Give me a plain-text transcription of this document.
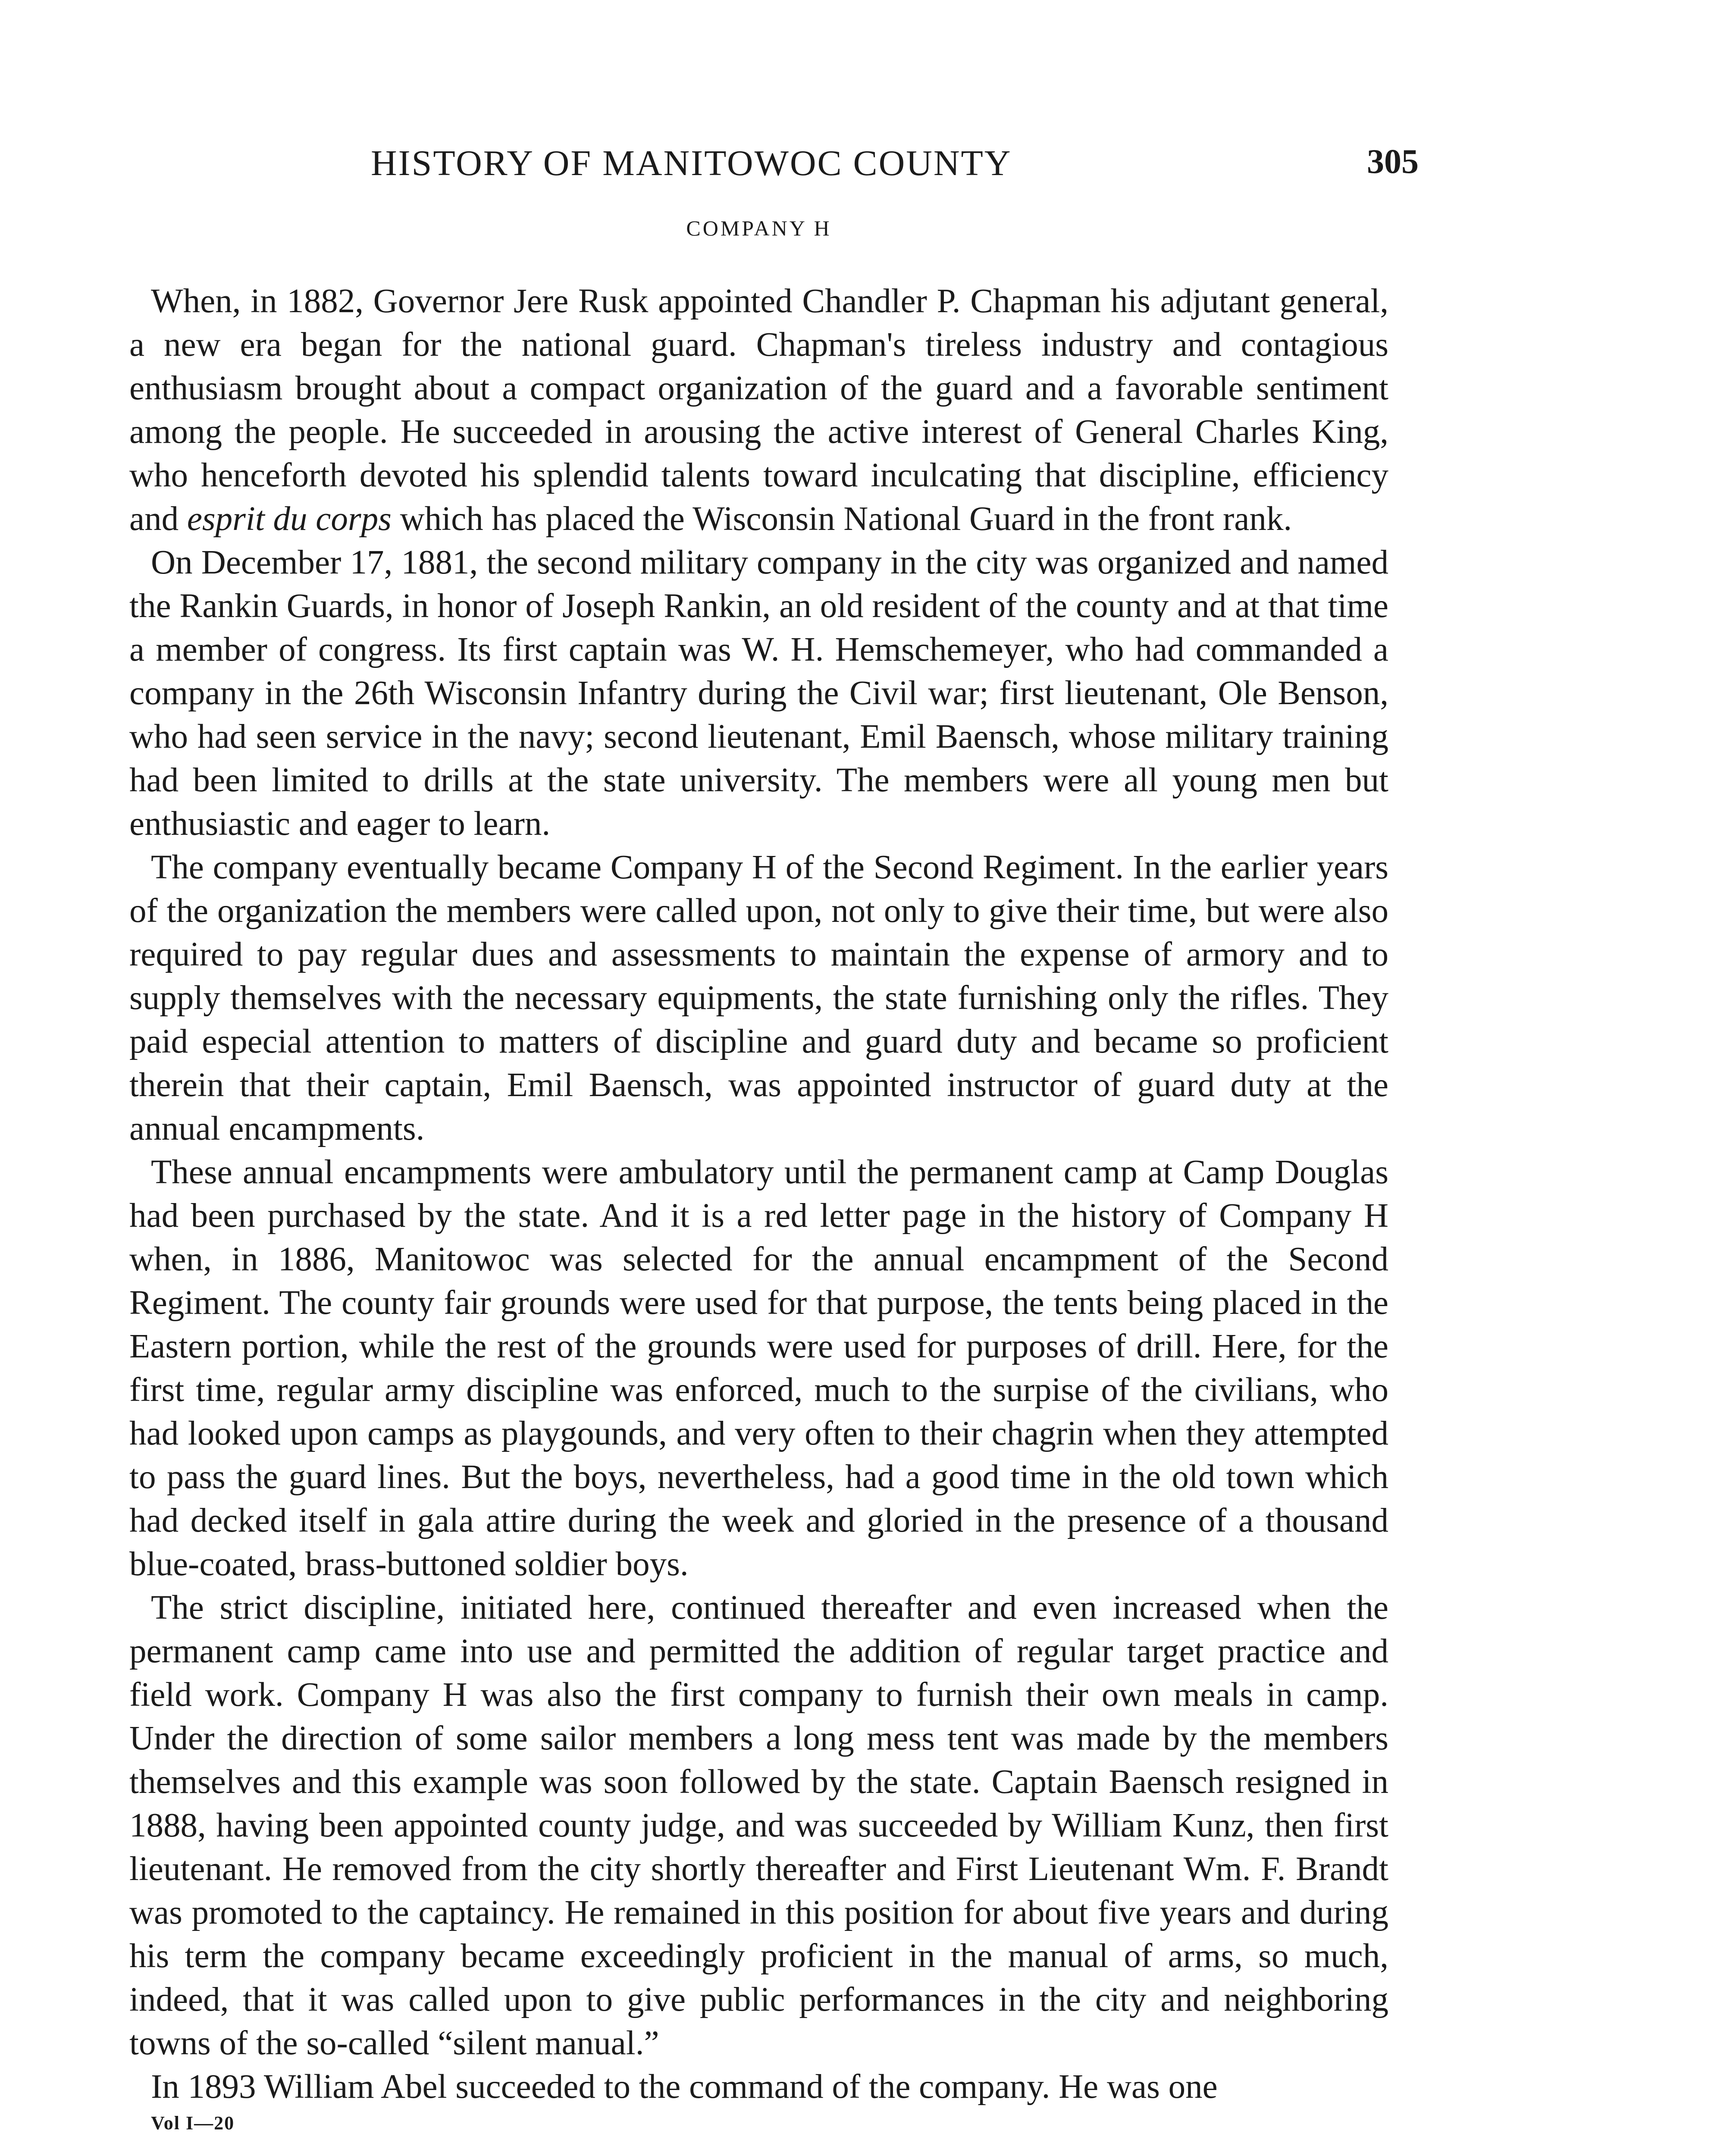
HISTORY OF MANITOWOC COUNTY	305
COMPANY H

When, in 1882, Governor Jere Rusk appointed Chandler P. Chapman his adjutant general, a new era began for the national guard. Chapman's tireless industry and contagious enthusiasm brought about a compact organization of the guard and a favorable sentiment among the people. He succeeded in arousing the active interest of General Charles King, who henceforth devoted his splendid talents toward inculcating that discipline, efficiency and esprit du corps which has placed the Wisconsin National Guard in the front rank.

On December 17, 1881, the second military company in the city was organized and named the Rankin Guards, in honor of Joseph Rankin, an old resident of the county and at that time a member of congress. Its first captain was W. H. Hemschemeyer, who had commanded a company in the 26th Wisconsin Infantry during the Civil war; first lieutenant, Ole Benson, who had seen service in the navy; second lieutenant, Emil Baensch, whose military training had been limited to drills at the state university. The members were all young men but enthusiastic and eager to learn.

The company eventually became Company H of the Second Regiment. In the earlier years of the organization the members were called upon, not only to give their time, but were also required to pay regular dues and assessments to maintain the expense of armory and to supply themselves with the necessary equipments, the state furnishing only the rifles. They paid especial attention to matters of discipline and guard duty and became so proficient therein that their captain, Emil Baensch, was appointed instructor of guard duty at the annual encampments.

These annual encampments were ambulatory until the permanent camp at Camp Douglas had been purchased by the state. And it is a red letter page in the history of Company H when, in 1886, Manitowoc was selected for the annual encampment of the Second Regiment. The county fair grounds were used for that purpose, the tents being placed in the Eastern portion, while the rest of the grounds were used for purposes of drill. Here, for the first time, regular army discipline was enforced, much to the surpise of the civilians, who had looked upon camps as playgounds, and very often to their chagrin when they attempted to pass the guard lines. But the boys, nevertheless, had a good time in the old town which had decked itself in gala attire during the week and gloried in the presence of a thousand blue-coated, brass-buttoned soldier boys.

The strict discipline, initiated here, continued thereafter and even increased when the permanent camp came into use and permitted the addition of regular target practice and field work. Company H was also the first company to furnish their own meals in camp. Under the direction of some sailor members a long mess tent was made by the members themselves and this example was soon followed by the state. Captain Baensch resigned in 1888, having been appointed county judge, and was succeeded by William Kunz, then first lieutenant. He removed from the city shortly thereafter and First Lieutenant Wm. F. Brandt was promoted to the captaincy. He remained in this position for about five years and during his term the company became exceedingly proficient in the manual of arms, so much, indeed, that it was called upon to give public performances in the city and neighboring towns of the so-called “silent manual.”

In 1893 William Abel succeeded to the command of the company. He was one

Vol I—20
